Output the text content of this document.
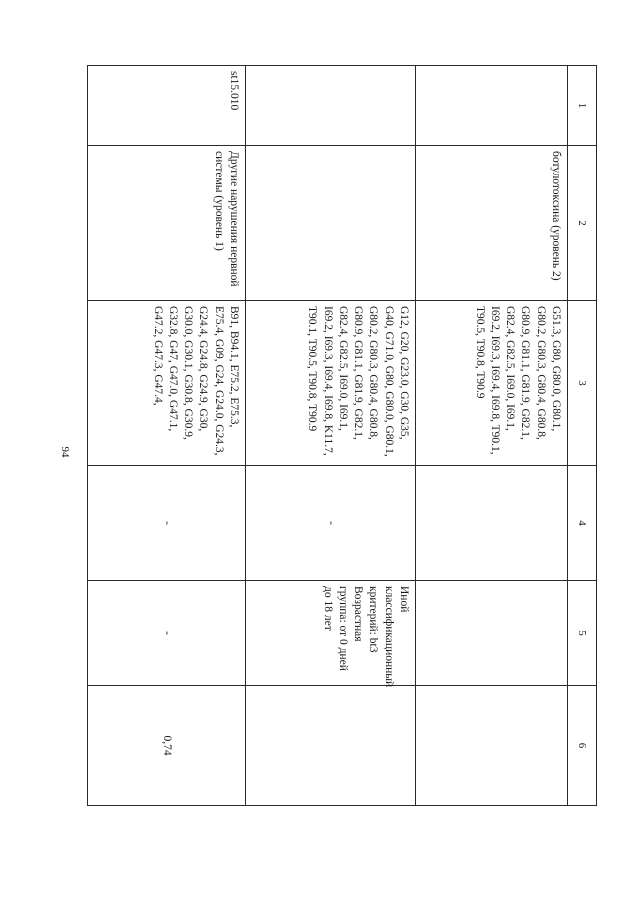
94
1	2	3	4	5	6
	ботулотоксина (уровень 2)	G51.3, G80, G80.0, G80.1, G80.2, G80.3, G80.4, G80.8, G80.9, G81.1, G81.9, G82.1, G82.4, G82.5, I69.0, I69.1, I69.2, I69.3, I69.4, I69.8, T90.1, T90.5, T90.8, T90.9			
		G12, G20, G23.0, G30, G35, G40, G71.0, G80, G80.0, G80.1, G80.2, G80.3, G80.4, G80.8, G80.9, G81.1, G81.9, G82.1, G82.4, G82.5, I69.0, I69.1, I69.2, I69.3, I69.4, I69.8, K11.7, T90.1, T90.5, T90.8, T90.9	-	Иной классификационный критерий: bt3 Возрастная группа: от 0 дней до 18 лет	
st15.010	Другие нарушения нервной системы (уровень 1)	B91, B94.1, E75.2, E75.3, E75.4, G09, G24, G24.0, G24.3, G24.4, G24.8, G24.9, G30, G30.0, G30.1, G30.8, G30.9, G32.8, G47, G47.0, G47.1, G47.2, G47.3, G47.4,	-	-	0,74
